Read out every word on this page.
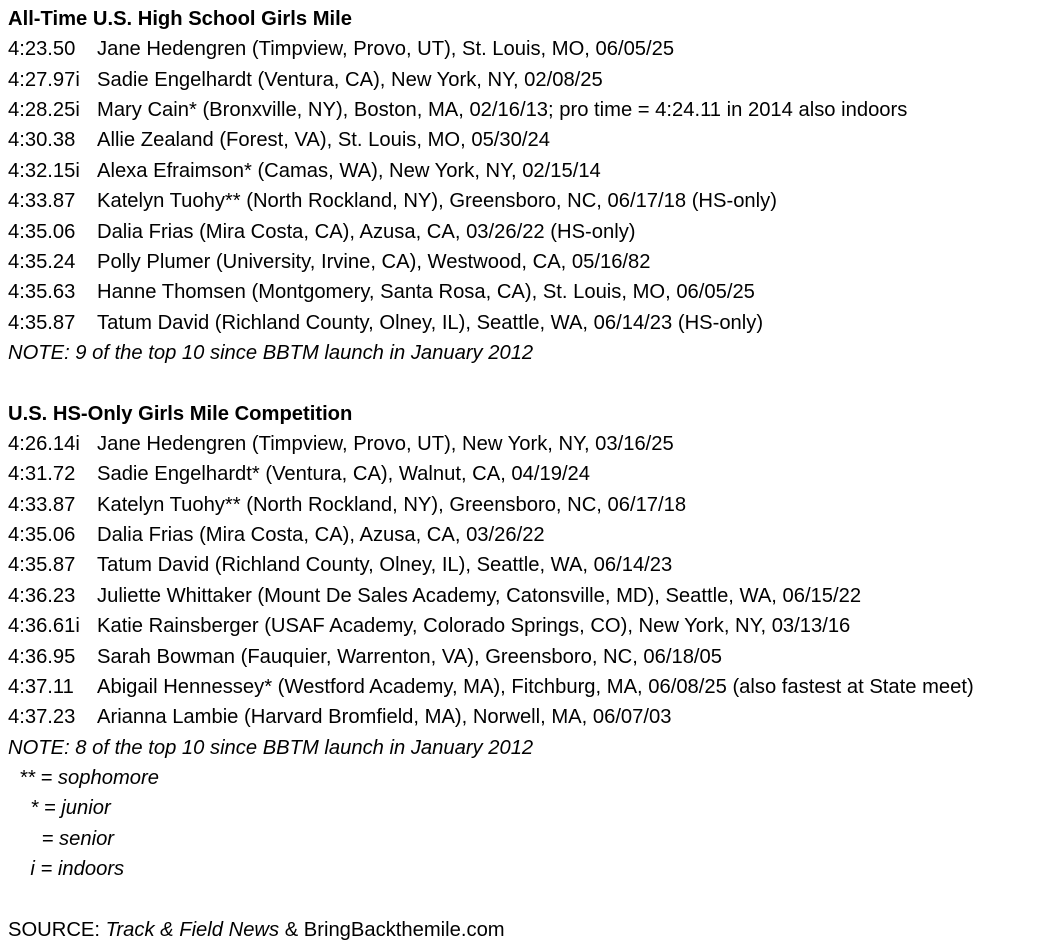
All-Time U.S. High School Girls Mile
4:23.50 Jane Hedengren (Timpview, Provo, UT), St. Louis, MO, 06/05/25
4:27.97i Sadie Engelhardt (Ventura, CA), New York, NY, 02/08/25
4:28.25i Mary Cain* (Bronxville, NY), Boston, MA, 02/16/13; pro time = 4:24.11 in 2014 also indoors
4:30.38 Allie Zealand (Forest, VA), St. Louis, MO, 05/30/24
4:32.15i Alexa Efraimson* (Camas, WA), New York, NY, 02/15/14
4:33.87 Katelyn Tuohy** (North Rockland, NY), Greensboro, NC, 06/17/18 (HS-only)
4:35.06 Dalia Frias (Mira Costa, CA), Azusa, CA, 03/26/22 (HS-only)
4:35.24 Polly Plumer (University, Irvine, CA), Westwood, CA, 05/16/82
4:35.63 Hanne Thomsen (Montgomery, Santa Rosa, CA), St. Louis, MO, 06/05/25
4:35.87 Tatum David (Richland County, Olney, IL), Seattle, WA, 06/14/23 (HS-only)
NOTE: 9 of the top 10 since BBTM launch in January 2012
U.S. HS-Only Girls Mile Competition
4:26.14i Jane Hedengren (Timpview, Provo, UT), New York, NY, 03/16/25
4:31.72 Sadie Engelhardt* (Ventura, CA), Walnut, CA, 04/19/24
4:33.87 Katelyn Tuohy** (North Rockland, NY), Greensboro, NC, 06/17/18
4:35.06 Dalia Frias (Mira Costa, CA), Azusa, CA, 03/26/22
4:35.87 Tatum David (Richland County, Olney, IL), Seattle, WA, 06/14/23
4:36.23 Juliette Whittaker (Mount De Sales Academy, Catonsville, MD), Seattle, WA, 06/15/22
4:36.61i Katie Rainsberger (USAF Academy, Colorado Springs, CO), New York, NY, 03/13/16
4:36.95 Sarah Bowman (Fauquier, Warrenton, VA), Greensboro, NC, 06/18/05
4:37.11 Abigail Hennessey* (Westford Academy, MA), Fitchburg, MA, 06/08/25 (also fastest at State meet)
4:37.23 Arianna Lambie (Harvard Bromfield, MA), Norwell, MA, 06/07/03
NOTE: 8 of the top 10 since BBTM launch in January 2012
** = sophomore
* = junior
= senior
i = indoors
SOURCE: Track & Field News & BringBackthemile.com
